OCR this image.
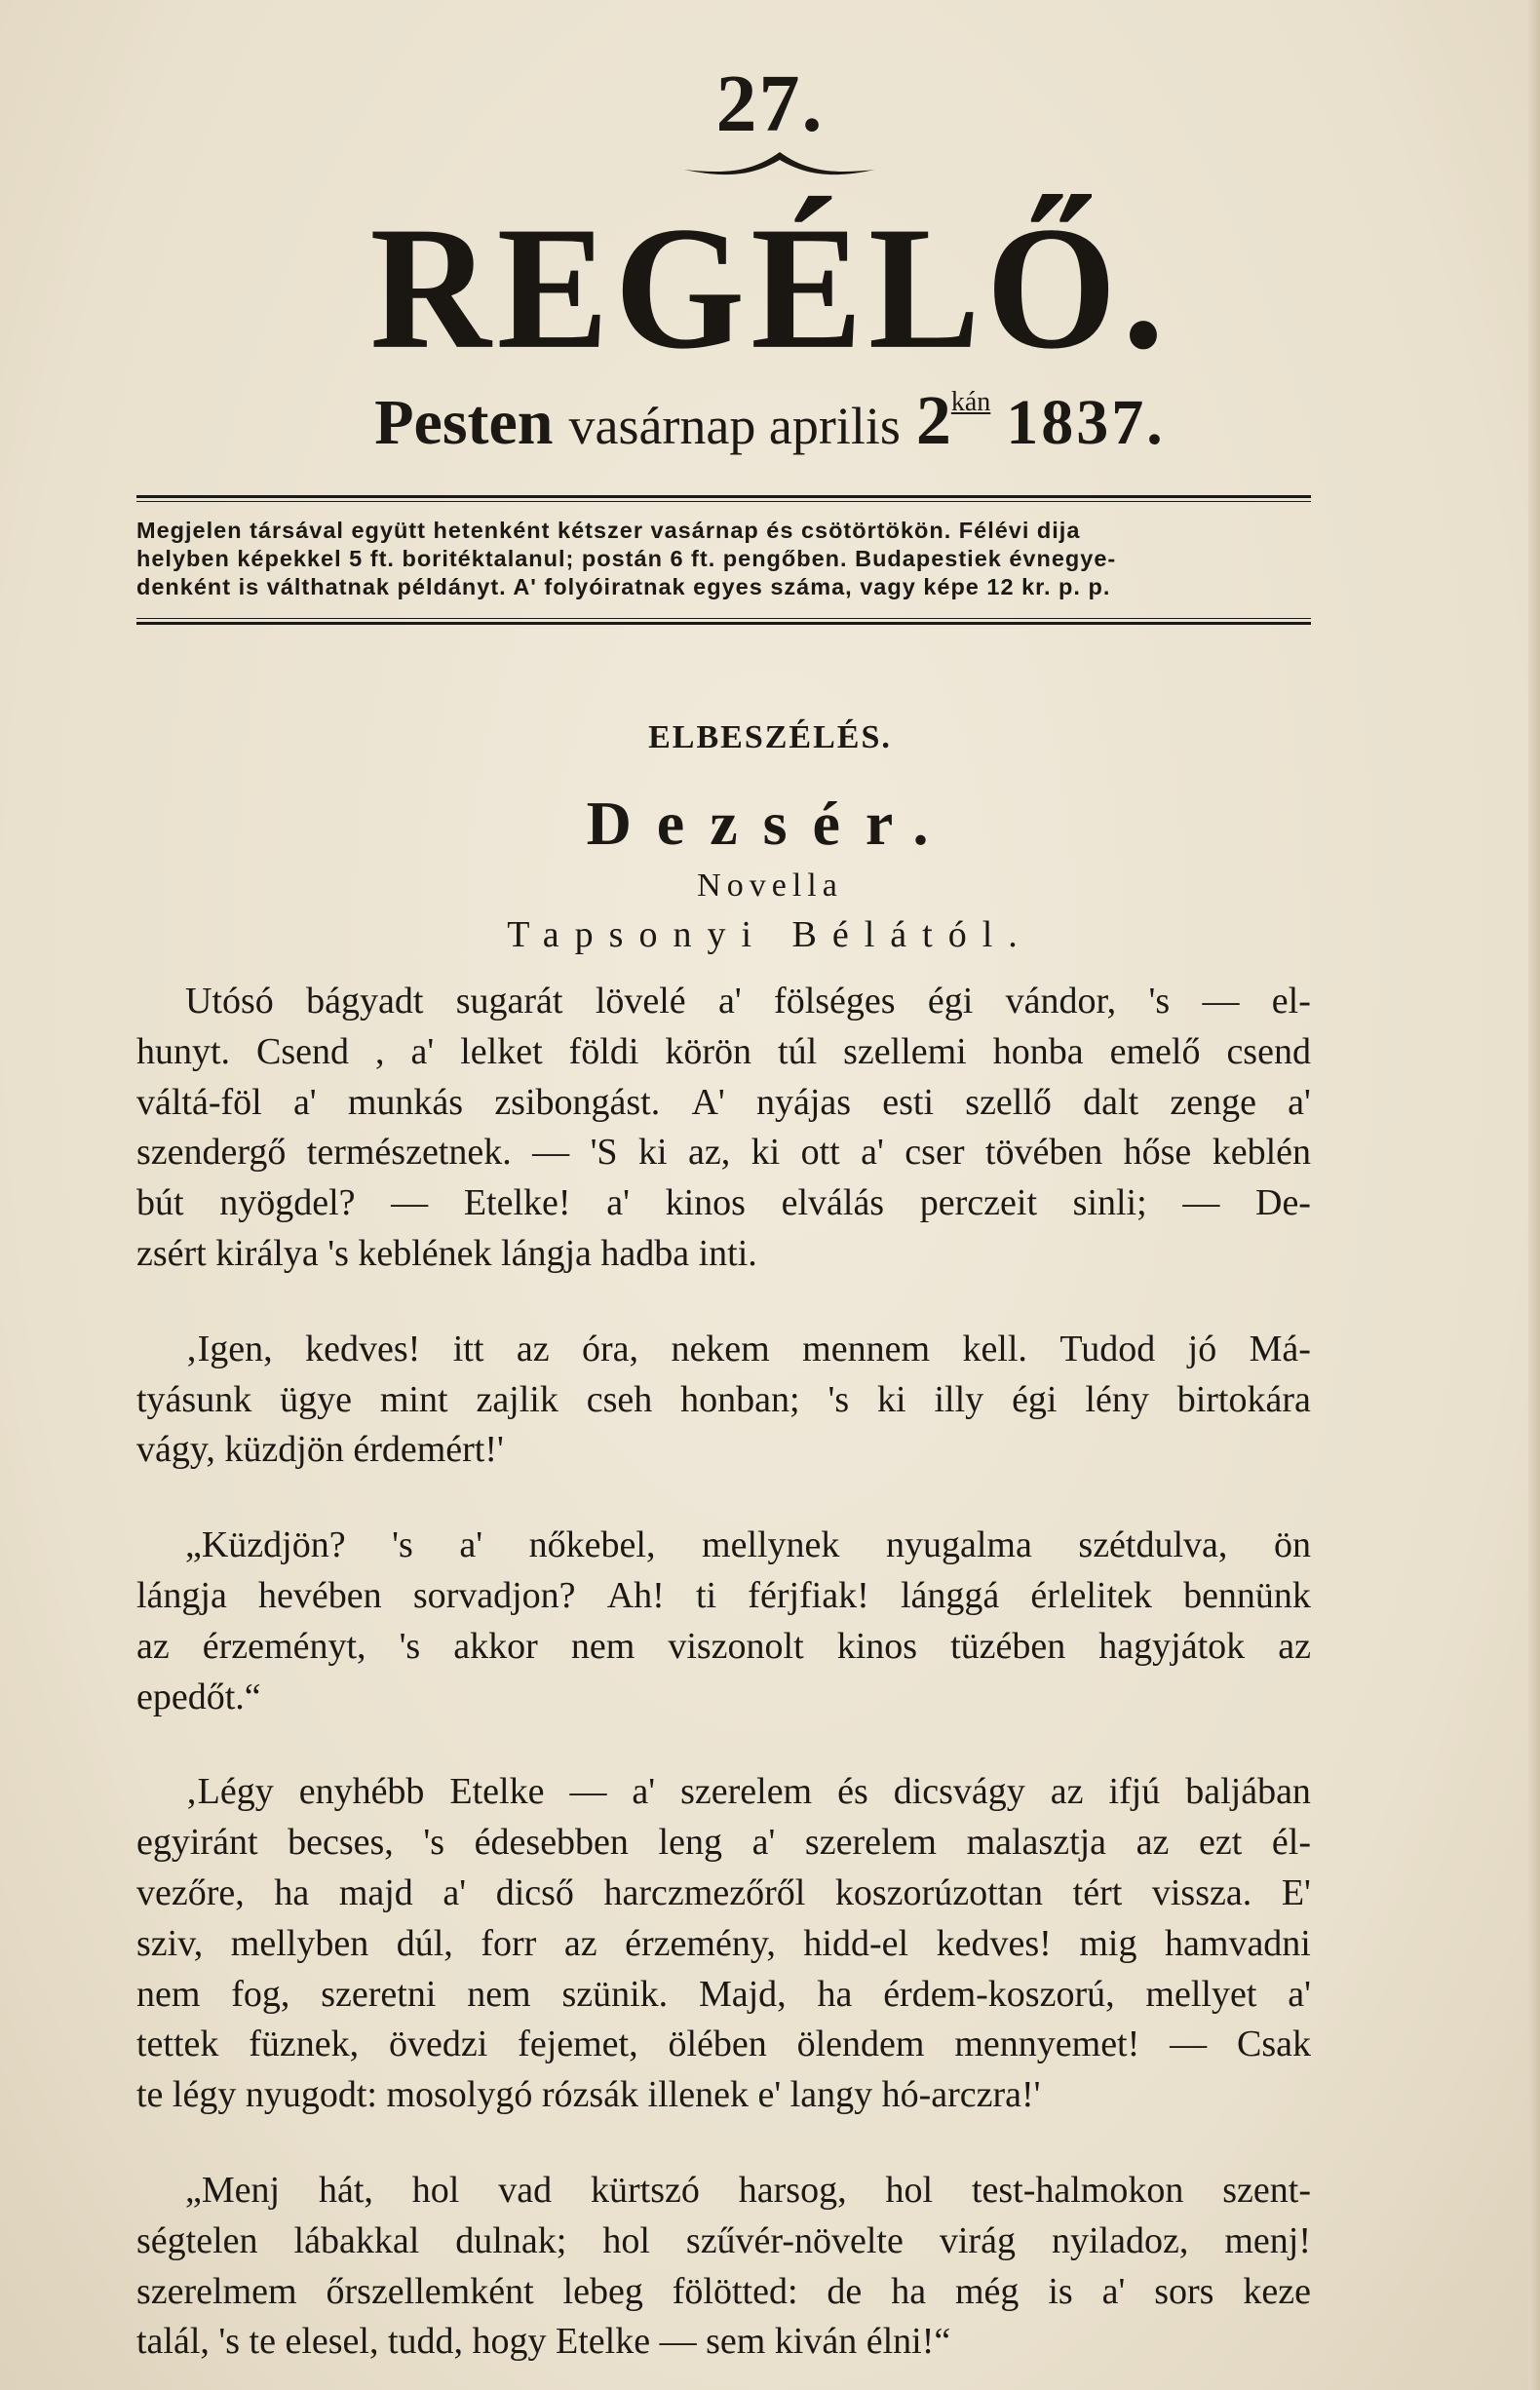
27.
REGÉLŐ.
Pesten vasárnap aprilis $2^{kán}$ 1837.
Megjelen társával együtt hetenként kétszer vasárnap és csötörtökön. Félévi dija
helyben képekkel 5 ft. boritéktalanul; postán 6 ft. pengőben. Budapestiek évnegye-
denként is válthatnak példányt. A' folyóiratnak egyes száma, vagy képe 12 kr. p. p.
ELBESZÉLÉS.
Dezsér.
Novella
Tapsonyi Bélától.
Utósó bágyadt sugarát lövelé a' fölséges égi vándor, 's — el-
hunyt. Csend , a' lelket földi körön túl szellemi honba emelő csend
váltá-föl a' munkás zsibongást. A' nyájas esti szellő dalt zenge a'
szendergő természetnek. — 'S ki az, ki ott a' cser tövében hőse keblén
bút nyögdel? — Etelke! a' kinos elválás perczeit sinli; — De-
zsért királya 's keblének lángja hadba inti.
‚Igen, kedves! itt az óra, nekem mennem kell. Tudod jó Má-
tyásunk ügye mint zajlik cseh honban; 's ki illy égi lény birtokára
vágy, küzdjön érdemért!'
„Küzdjön? 's a' nőkebel, mellynek nyugalma szétdulva, ön
lángja hevében sorvadjon? Ah! ti férjfiak! lánggá érlelitek bennünk
az érzeményt, 's akkor nem viszonolt kinos tüzében hagyjátok az
epedőt.“
‚Légy enyhébb Etelke — a' szerelem és dicsvágy az ifjú baljában
egyiránt becses, 's édesebben leng a' szerelem malasztja az ezt él-
vezőre, ha majd a' dicső harczmezőről koszorúzottan tért vissza. E'
sziv, mellyben dúl, forr az érzemény, hidd-el kedves! mig hamvadni
nem fog, szeretni nem szünik. Majd, ha érdem-koszorú, mellyet a'
tettek füznek, övedzi fejemet, ölében ölendem mennyemet! — Csak
te légy nyugodt: mosolygó rózsák illenek e' langy hó-arczra!'
„Menj hát, hol vad kürtszó harsog, hol test-halmokon szent-
ségtelen lábakkal dulnak; hol szűvér-növelte virág nyiladoz, menj!
szerelmem őrszellemként lebeg fölötted: de ha még is a' sors keze
talál, 's te elesel, tudd, hogy Etelke — sem kiván élni!“
